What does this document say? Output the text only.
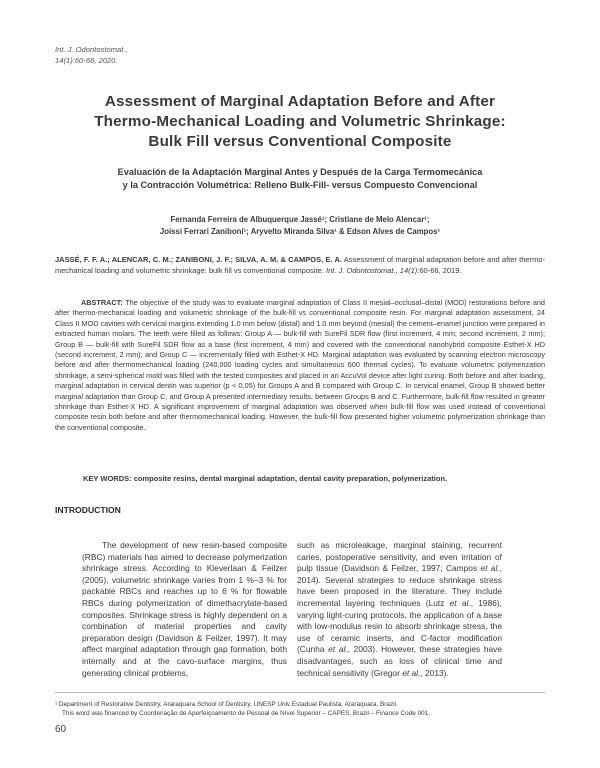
Int. J. Odontostomat.,
14(1):60-66, 2020.
Assessment of Marginal Adaptation Before and After
Thermo-Mechanical Loading and Volumetric Shrinkage:
Bulk Fill versus Conventional Composite
Evaluación de la Adaptación Marginal Antes y Después de la Carga Termomecánica
y la Contracción Volumétrica: Relleno Bulk-Fill- versus Compuesto Convencional
Fernanda Ferreira de Albuquerque Jassé¹; Cristiane de Melo Alencar¹;
Joissi Ferrari Zaniboni¹; Aryvelto Miranda Silva¹ & Edson Alves de Campos¹
JASSÉ, F. F. A.; ALENCAR, C. M.; ZANIBONI, J. F.; SILVA, A. M. & CAMPOS, E. A. Assessment of marginal adaptation before and after thermo-mechanical loading and volumetric shrinkage: bulk fill vs conventional composite. Int. J. Odontostomat., 14(1):60-66, 2019.
ABSTRACT: The objective of the study was to evaluate marginal adaptation of Class II mesial–occlusal–distal (MOD) restorations before and after thermo-mechanical loading and volumetric shrinkage of the bulk-fill vs conventional composite resin. For marginal adaptation assessment, 24 Class II MOD cavities with cervical margins extending 1.0 mm below (distal) and 1.0 mm beyond (mesial) the cement–enamel junction were prepared in extracted human molars. The teeth were filled as follows: Group A — bulk-fill with SureFil SDR flow (first increment, 4 mm; second increment, 2 mm); Group B — bulk-fill with SureFil SDR flow as a base (first increment, 4 mm) and covered with the conventional nanohybrid composite Esthet-X HD (second increment, 2 mm); and Group C — incrementally filled with Esthet-X HD. Marginal adaptation was evaluated by scanning electron microscopy before and after thermomechanical loading (240,000 loading cycles and simultaneous 600 thermal cycles). To evaluate volumetric polymerization shrinkage, a semi-spherical mold was filled with the tested composites and placed in an AccuVol device after light curing. Both before and after loading, marginal adaptation in cervical dentin was superior (p < 0.05) for Groups A and B compared with Group C. In cervical enamel, Group B showed better marginal adaptation than Group C, and Group A presented intermediary results, between Groups B and C. Furthermore, bulk-fill flow resulted in greater shrinkage than Esthet-X HD. A significant improvement of marginal adaptation was observed when bulk-fill flow was used instead of conventional composite resin both before and after thermomechanical loading. However, the bulk-fill flow presented higher volumetric polymerization shrinkage than the conventional composite.
KEY WORDS: composite resins, dental marginal adaptation, dental cavity preparation, polymerization.
INTRODUCTION
The development of new resin-based composite (RBC) materials has aimed to decrease polymerization shrinkage stress. According to Kleverlaan & Feilzer (2005), volumetric shrinkage varies from 1 %–3 % for packable RBCs and reaches up to 6 % for flowable RBCs during polymerization of dimethacrylate-based composites. Shrinkage stress is highly dependent on a combination of material properties and cavity preparation design (Davidson & Feilzer, 1997). It may affect marginal adaptation through gap formation, both internally and at the cavo-surface margins, thus generating clinical problems,
such as microleakage, marginal staining, recurrent caries, postoperative sensitivity, and even irritation of pulp tissue (Davidson & Feilzer, 1997; Campos et al., 2014). Several strategies to reduce shrinkage stress have been proposed in the literature. They include incremental layering techniques (Lutz et al., 1986), varying light-curing protocols, the application of a base with low-modulus resin to absorb shrinkage stress, the use of ceramic inserts, and C-factor modification (Cunha et al., 2003). However, these strategies have disadvantages, such as loss of clinical time and technical sensitivity (Gregor et al., 2013).
¹ Department of Restorative Dentistry, Araraquara School of Dentistry, UNESP Univ Estadual Paulista, Araraquara, Brazil.
This word was financed by Coordenação de Aperfeiçoamento de Pessoal de Nível Superior – CAPES, Brazil – Finance Code 001.
60
